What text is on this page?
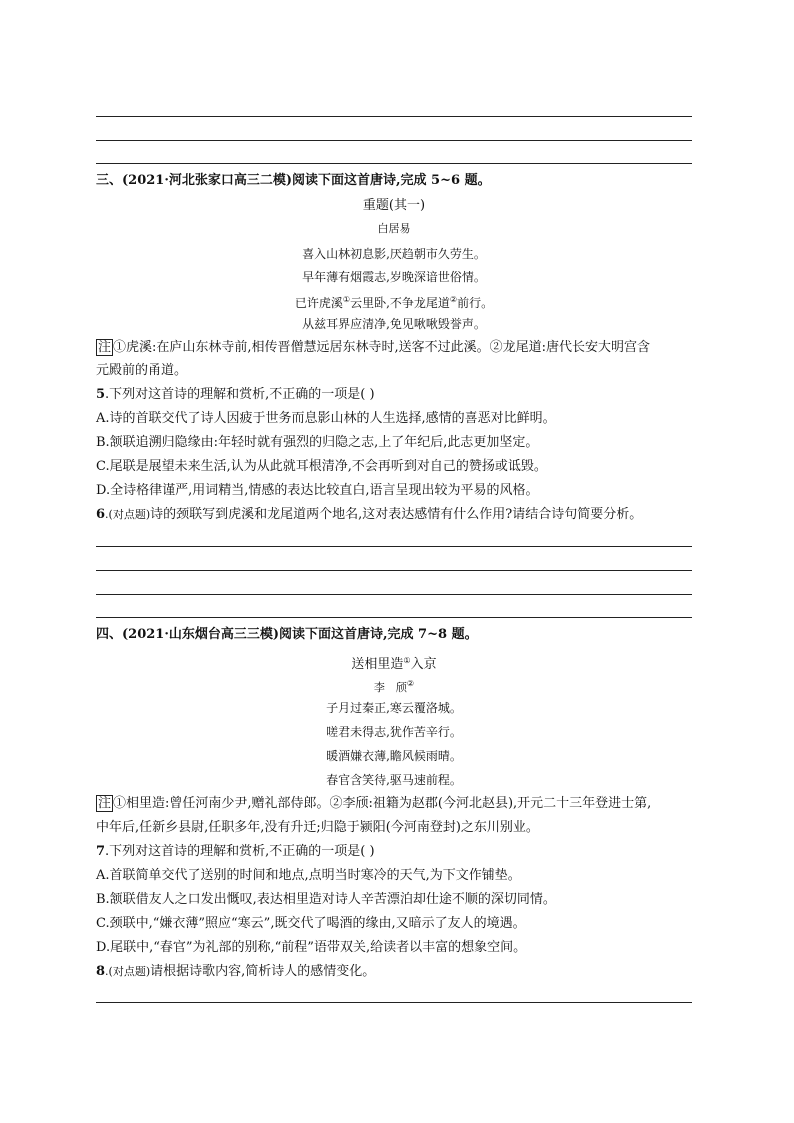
三、(2021·河北张家口高三二模)阅读下面这首唐诗,完成 5~6 题。
重题(其一)
白居易
喜入山林初息影,厌趋朝市久劳生。
早年薄有烟霞志,岁晚深谙世俗情。
已许虎溪①云里卧,不争龙尾道②前行。
从兹耳界应清净,免见啾啾毁誉声。
注 ①虎溪:在庐山东林寺前,相传晋僧慧远居东林寺时,送客不过此溪。②龙尾道:唐代长安大明宫含
元殿前的甬道。
5.下列对这首诗的理解和赏析,不正确的一项是( )
A.诗的首联交代了诗人因疲于世务而息影山林的人生选择,感情的喜恶对比鲜明。
B.颔联追溯归隐缘由:年轻时就有强烈的归隐之志,上了年纪后,此志更加坚定。
C.尾联是展望未来生活,认为从此就耳根清净,不会再听到对自己的赞扬或诋毁。
D.全诗格律谨严,用词精当,情感的表达比较直白,语言呈现出较为平易的风格。
6.(对点题)诗的颈联写到虎溪和龙尾道两个地名,这对表达感情有什么作用?请结合诗句简要分析。
四、(2021·山东烟台高三三模)阅读下面这首唐诗,完成 7~8 题。
送相里造①入京
李　颀②
子月过秦正,寒云覆洛城。
嗟君未得志,犹作苦辛行。
暖酒嫌衣薄,瞻风候雨晴。
春官含笑待,驱马速前程。
注 ①相里造:曾任河南少尹,赠礼部侍郎。②李颀:祖籍为赵郡(今河北赵县),开元二十三年登进士第,
中年后,任新乡县尉,任职多年,没有升迁;归隐于颍阳(今河南登封)之东川别业。
7.下列对这首诗的理解和赏析,不正确的一项是( )
A.首联简单交代了送别的时间和地点,点明当时寒冷的天气,为下文作铺垫。
B.颔联借友人之口发出慨叹,表达相里造对诗人辛苦漂泊却仕途不顺的深切同情。
C.颈联中,“嫌衣薄”照应“寒云”,既交代了喝酒的缘由,又暗示了友人的境遇。
D.尾联中,“春官”为礼部的别称,“前程”语带双关,给读者以丰富的想象空间。
8.(对点题)请根据诗歌内容,简析诗人的感情变化。
